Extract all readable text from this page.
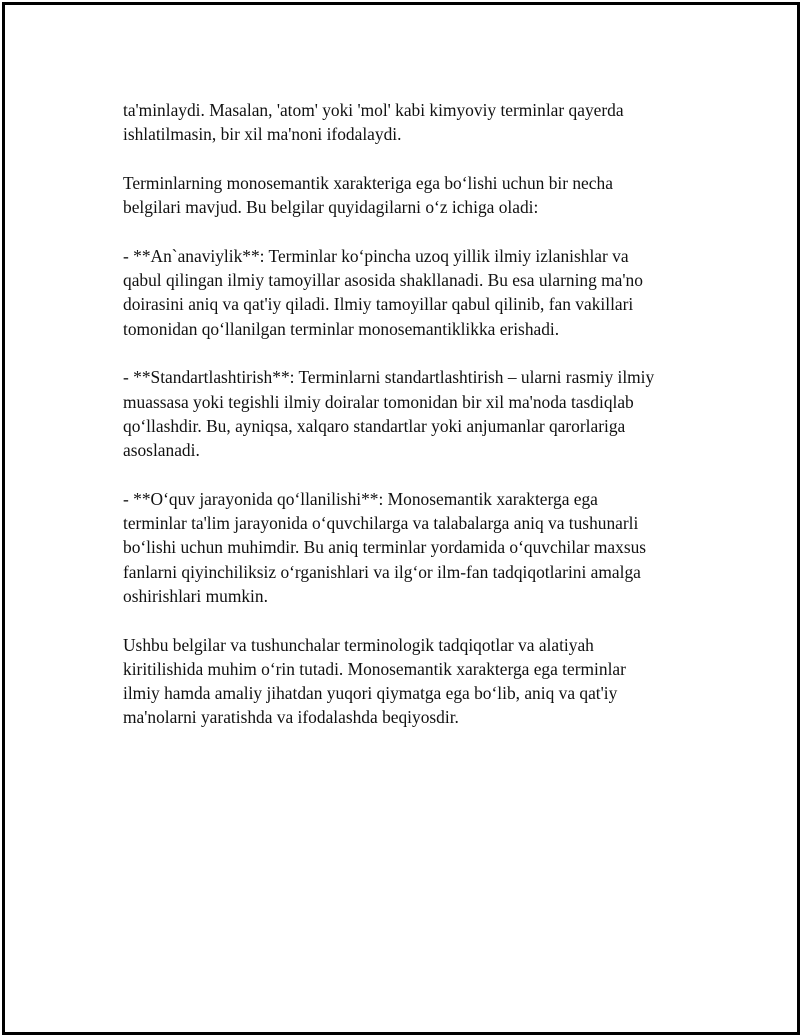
ta'minlaydi. Masalan, 'atom' yoki 'mol' kabi kimyoviy terminlar qayerda
ishlatilmasin, bir xil ma'noni ifodalaydi.

Terminlarning monosemantik xarakteriga ega boʻlishi uchun bir necha
belgilari mavjud. Bu belgilar quyidagilarni oʻz ichiga oladi:

- **An`anaviylik**: Terminlar koʻpincha uzoq yillik ilmiy izlanishlar va
qabul qilingan ilmiy tamoyillar asosida shakllanadi. Bu esa ularning ma'no
doirasini aniq va qat'iy qiladi. Ilmiy tamoyillar qabul qilinib, fan vakillari
tomonidan qoʻllanilgan terminlar monosemantiklikka erishadi.

- **Standartlashtirish**: Terminlarni standartlashtirish – ularni rasmiy ilmiy
muassasa yoki tegishli ilmiy doiralar tomonidan bir xil ma'noda tasdiqlab
qoʻllashdir. Bu, ayniqsa, xalqaro standartlar yoki anjumanlar qarorlariga
asoslanadi.

- **Oʻquv jarayonida qoʻllanilishi**: Monosemantik xarakterga ega
terminlar ta'lim jarayonida oʻquvchilarga va talabalarga aniq va tushunarli
boʻlishi uchun muhimdir. Bu aniq terminlar yordamida oʻquvchilar maxsus
fanlarni qiyinchiliksiz oʻrganishlari va ilgʻor ilm-fan tadqiqotlarini amalga
oshirishlari mumkin.

Ushbu belgilar va tushunchalar terminologik tadqiqotlar va alatiyah
kiritilishida muhim oʻrin tutadi. Monosemantik xarakterga ega terminlar
ilmiy hamda amaliy jihatdan yuqori qiymatga ega boʻlib, aniq va qat'iy
ma'nolarni yaratishda va ifodalashda beqiyosdir.
